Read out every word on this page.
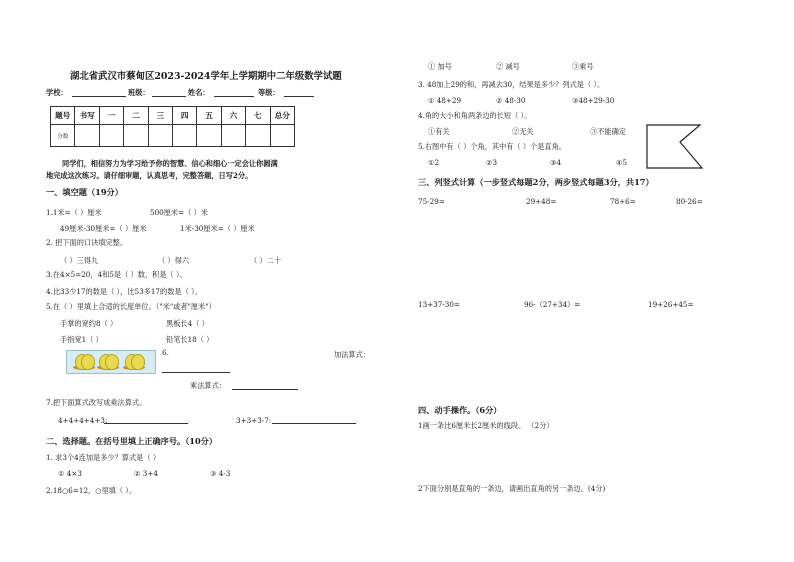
湖北省武汉市蔡甸区2023-2024学年上学期期中二年级数学试题
学校：	班级：	姓名：	等级：
题号	书写	一	二	三	四	五	六	七	总分
分数									
同学们，相信努力为学习给予你的智慧、信心和细心一定会让你圆满
地完成这次练习。请仔细审题，认真思考，完整答题，日写2分。
一、填空题（19分）
1.1米=（ ）厘米	500厘米=（ ）米
49厘米-30厘米=（ ）厘米	1米-30厘米=（ ）厘米
2. 把下面的口诀填完整。
（ ）三得九	（ ）得六	（ ）二十
3.在4×5=20，4和5是（ ）数，积是（ ）。
4.比33少17的数是（ ），比53多17的数是（ ）。
5.在（ ）里填上合适的长度单位。（"米"或者"厘米"）
手掌的宽约8（ ）	黑板长4（ ）
手指宽1（ ）	铅笔长18（ ）
6.	加法算式：
乘法算式：
7.把下面算式改写成乘法算式。
4+4+4+4+3:	3+3+3-7:
二、选择题。在括号里填上正确序号。（10分）
1. 求3个4连加是多少？算式是（ ）
① 4×3	② 3+4	③ 4-3
2.18○6=12，○里填（ ）。
① 加号	② 减号	③乘号
3. 48加上29的和，再减去30，结果是多少？列式是（ ）。
① 48+29	② 48-30	③48+29-30
4.角的大小和角两条边的长短（ ）。
①有关	②无关	③不能确定
5.右图中有（ ）个角，其中有（ ）个是直角。
①2	②3	③4	④5
三、列竖式计算（一步竖式每题2分，两步竖式每题3分，共17）
75-29=	29+48=	78+6=	80-26=
13+37-30=	96-（27+34）=	19+26+45=
四、动手操作。（6分）
1画一条比6厘米长2厘米的线段。 （2分）
2下面分别是直角的一条边，请画出直角的另一条边。(4分)
